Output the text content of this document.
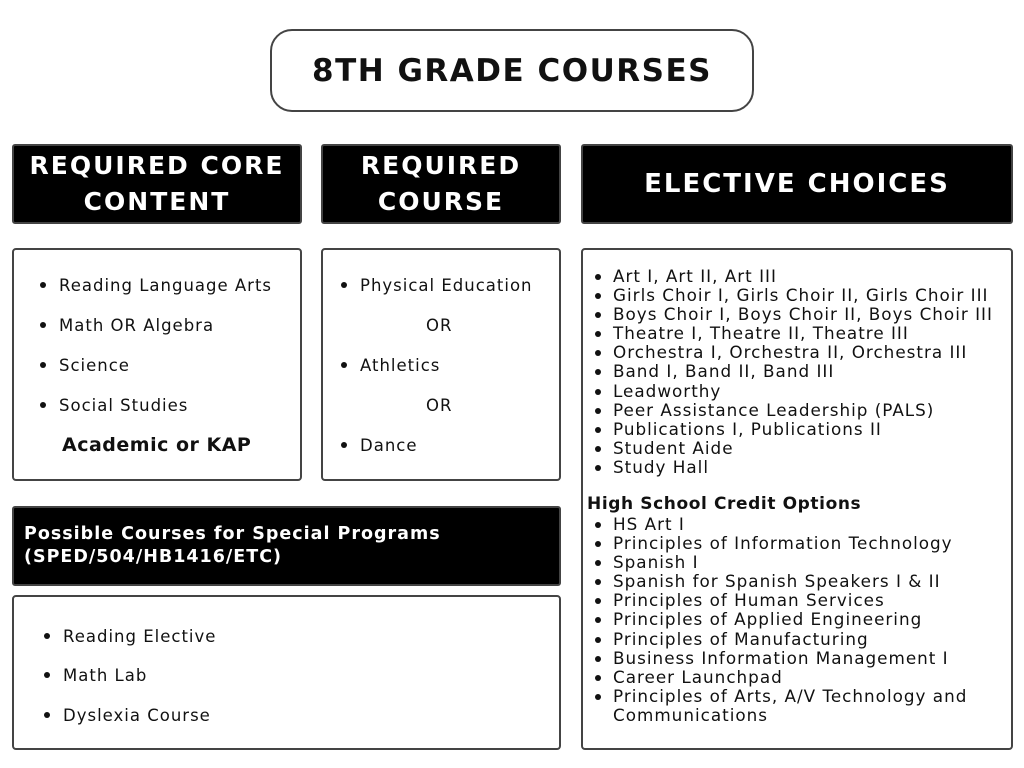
8TH GRADE COURSES
REQUIRED CORE CONTENT
REQUIRED COURSE
ELECTIVE CHOICES
Reading Language Arts
Math OR Algebra
Science
Social Studies
Academic or KAP
Physical Education
OR
Athletics
OR
Dance
Art I, Art II, Art III
Girls Choir I, Girls Choir II, Girls Choir III
Boys Choir I, Boys Choir II, Boys Choir III
Theatre I, Theatre II, Theatre III
Orchestra I, Orchestra II, Orchestra III
Band I, Band II, Band III
Leadworthy
Peer Assistance Leadership (PALS)
Publications I, Publications II
Student Aide
Study Hall
High School Credit Options
HS Art I
Principles of Information Technology
Spanish I
Spanish for Spanish Speakers I & II
Principles of Human Services
Principles of Applied Engineering
Principles of Manufacturing
Business Information Management I
Career Launchpad
Principles of Arts, A/V Technology and Communications
Possible Courses for Special Programs (SPED/504/HB1416/ETC)
Reading Elective
Math Lab
Dyslexia Course
